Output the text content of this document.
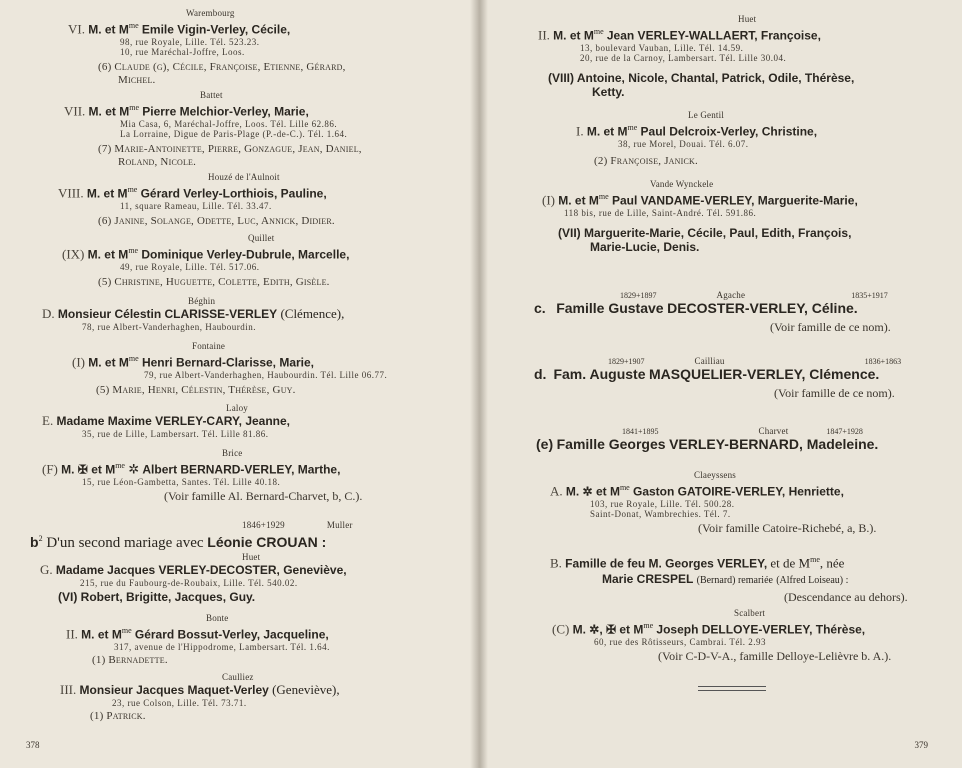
Warembourg
VI. M. et $M^{me}$ Emile Vigin-Verley, Cécile,
98, rue Royale, Lille. Tél. 523.23.
10, rue Maréchal-Joffre, Loos.
(6) Claude (g), Cécile, Françoise, Etienne, Gérard,
Michel.
Battet
VII. M. et $M^{me}$ Pierre Melchior-Verley, Marie,
Mia Casa, 6, Maréchal-Joffre, Loos. Tél. Lille 62.86.
La Lorraine, Digue de Paris-Plage (P.-de-C.). Tél. 1.64.
(7) Marie-Antoinette, Pierre, Gonzague, Jean, Daniel,
Roland, Nicole.
Houzé de l'Aulnoit
VIII. M. et $M^{me}$ Gérard Verley-Lorthiois, Pauline,
11, square Rameau, Lille. Tél. 33.47.
(6) Janine, Solange, Odette, Luc, Annick, Didier.
Quillet
(IX) M. et $M^{me}$ Dominique Verley-Dubrule, Marcelle,
49, rue Royale, Lille. Tél. 517.06.
(5) Christine, Huguette, Colette, Edith, Gisèle.
Béghin
D. Monsieur Célestin CLARISSE-VERLEY (Clémence),
78, rue Albert-Vanderhaghen, Haubourdin.
Fontaine
(I) M. et $M^{me}$ Henri Bernard-Clarisse, Marie,
79, rue Albert-Vanderhaghen, Haubourdin. Tél. Lille 06.77.
(5) Marie, Henri, Célestin, Thérèse, Guy.
Laloy
E. Madame Maxime VERLEY-CARY, Jeanne,
35, rue de Lille, Lambersart. Tél. Lille 81.86.
Brice
(F) M. ✠ et $M^{me}$ ✲ Albert BERNARD-VERLEY, Marthe,
15, rue Léon-Gambetta, Santes. Tél. Lille 40.18.
(Voir famille Al. Bernard-Charvet, b, C.).
1846+1929	Muller
$b^2$ D'un second mariage avec Léonie CROUAN :
Huet
G. Madame Jacques VERLEY-DECOSTER, Geneviève,
215, rue du Faubourg-de-Roubaix, Lille. Tél. 540.02.
(VI) Robert, Brigitte, Jacques, Guy.
Bonte
II. M. et $M^{me}$ Gérard Bossut-Verley, Jacqueline,
317, avenue de l'Hippodrome, Lambersart. Tél. 1.64.
(1) Bernadette.
Caulliez
III. Monsieur Jacques Maquet-Verley (Geneviève),
23, rue Colson, Lille. Tél. 73.71.
(1) Patrick.
378
Huet
II. M. et $M^{me}$ Jean VERLEY-WALLAERT, Françoise,
13, boulevard Vauban, Lille. Tél. 14.59.
20, rue de la Carnoy, Lambersart. Tél. Lille 30.04.
(VIII) Antoine, Nicole, Chantal, Patrick, Odile, Thérèse,
Ketty.
Le Gentil
I. M. et $M^{me}$ Paul Delcroix-Verley, Christine,
38, rue Morel, Douai. Tél. 6.07.
(2) Françoise, Janick.
Vande Wynckele
(I) M. et $M^{me}$ Paul VANDAME-VERLEY, Marguerite-Marie,
118 bis, rue de Lille, Saint-André. Tél. 591.86.
(VII) Marguerite-Marie, Cécile, Paul, Edith, François,
Marie-Lucie, Denis.
1829+1897	Agache	1835+1917
c. Famille Gustave DECOSTER-VERLEY, Céline.
(Voir famille de ce nom).
1829+1907	Cailliau	1836+1863
d. Fam. Auguste MASQUELIER-VERLEY, Clémence.
(Voir famille de ce nom).
1841+1895	Charvet	1847+1928
(e) Famille Georges VERLEY-BERNARD, Madeleine.
Claeyssens
A. M. ✲ et $M^{me}$ Gaston GATOIRE-VERLEY, Henriette,
103, rue Royale, Lille. Tél. 500.28.
Saint-Donat, Wambrechies. Tél. 7.
(Voir famille Catoire-Richebé, a, B.).
B. Famille de feu M. Georges VERLEY, et de $M^{me}$, née
Marie CRESPEL (Bernard) remariée (Alfred Loiseau) :
(Descendance au dehors).
Scalbert
(C) M. ✲, ✠ et $M^{me}$ Joseph DELLOYE-VERLEY, Thérèse,
60, rue des Rôtisseurs, Cambrai. Tél. 2.93
(Voir C-D-V-A., famille Delloye-Lelièvre b. A.).
379
